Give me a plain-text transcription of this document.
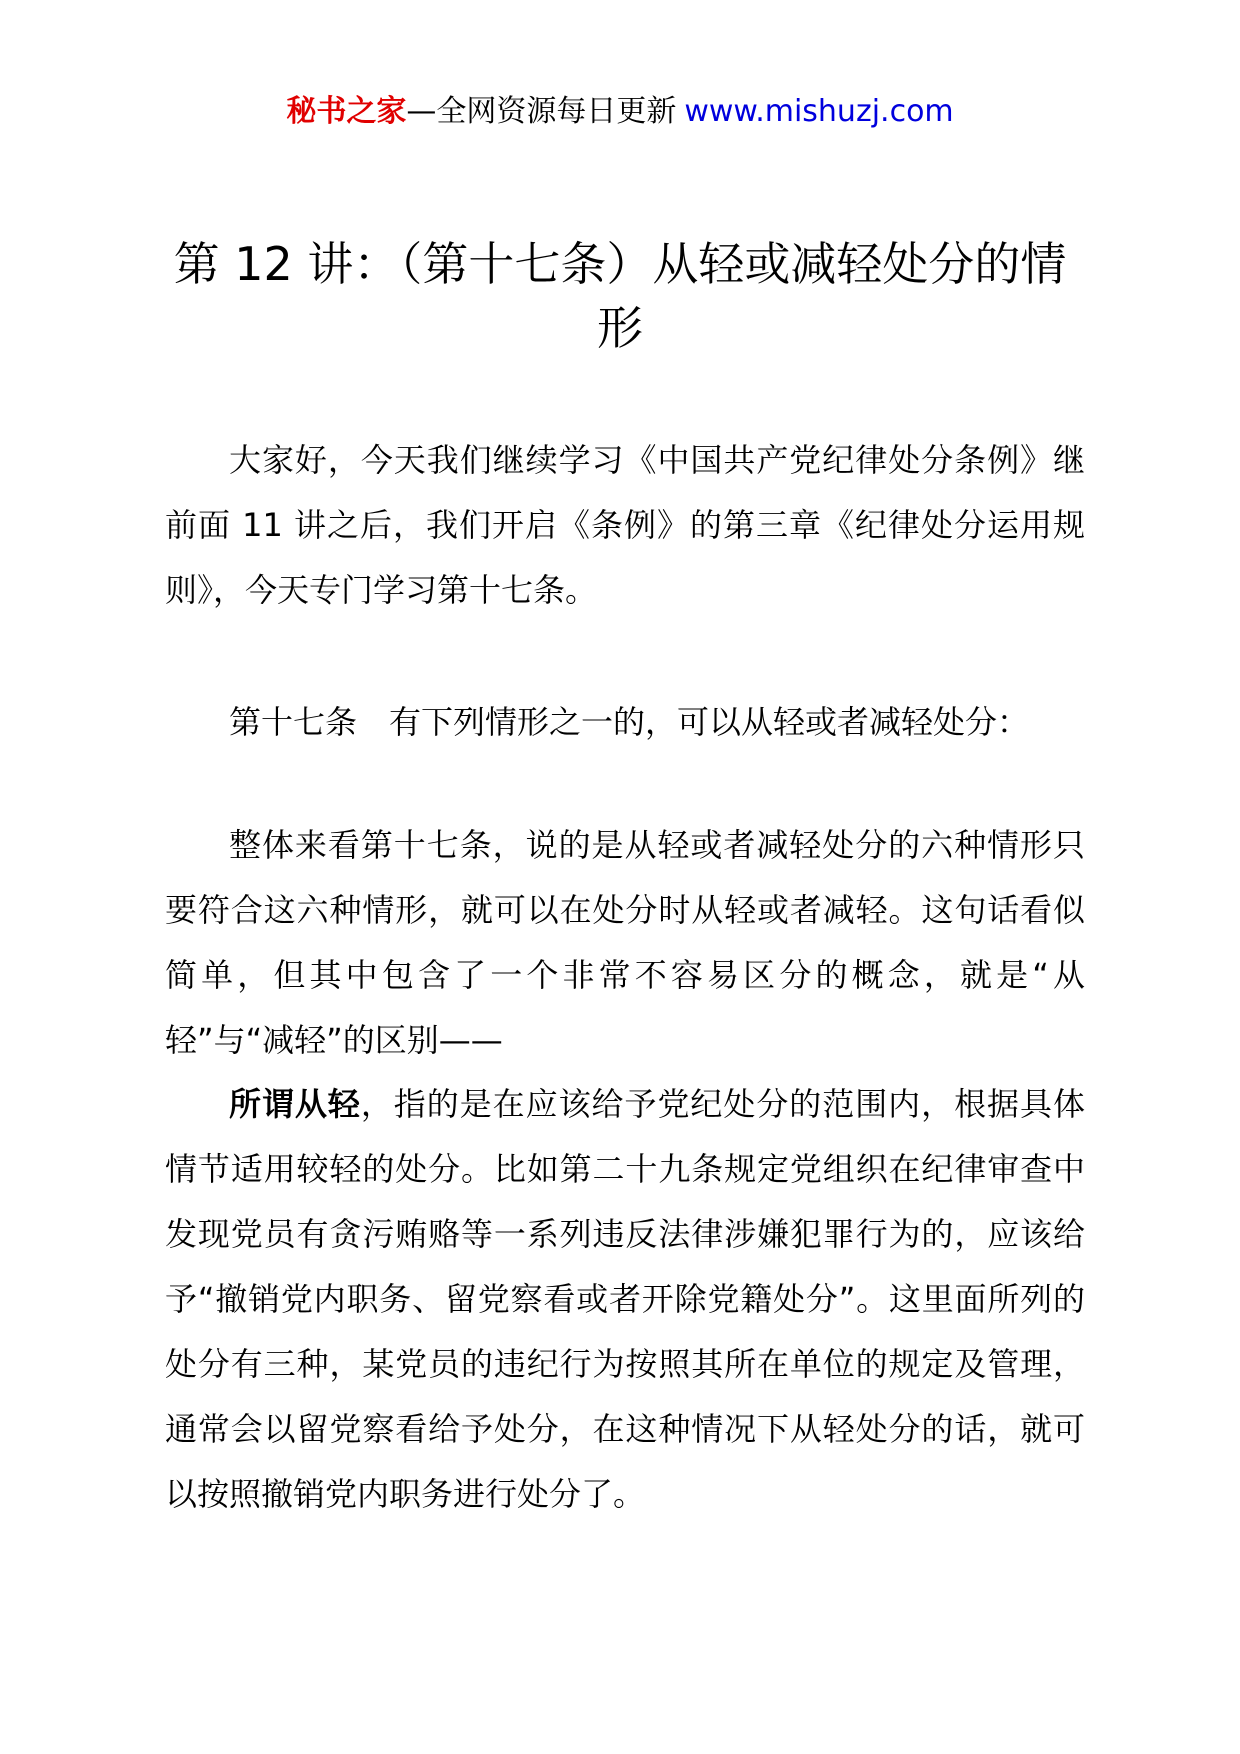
秘书之家—全网资源每日更新 www.mishuzj.com
第 12 讲：（第十七条）从轻或减轻处分的情形

大家好，今天我们继续学习《中国共产党纪律处分条例》继前面 11 讲之后，我们开启《条例》的第三章《纪律处分运用规则》，今天专门学习第十七条。

第十七条　有下列情形之一的，可以从轻或者减轻处分：

整体来看第十七条，说的是从轻或者减轻处分的六种情形只要符合这六种情形，就可以在处分时从轻或者减轻。这句话看似简单，但其中包含了一个非常不容易区分的概念，就是“从轻”与“减轻”的区别——

所谓从轻，指的是在应该给予党纪处分的范围内，根据具体情节适用较轻的处分。比如第二十九条规定党组织在纪律审查中发现党员有贪污贿赂等一系列违反法律涉嫌犯罪行为的，应该给予“撤销党内职务、留党察看或者开除党籍处分”。这里面所列的处分有三种，某党员的违纪行为按照其所在单位的规定及管理，通常会以留党察看给予处分，在这种情况下从轻处分的话，就可以按照撤销党内职务进行处分了。
